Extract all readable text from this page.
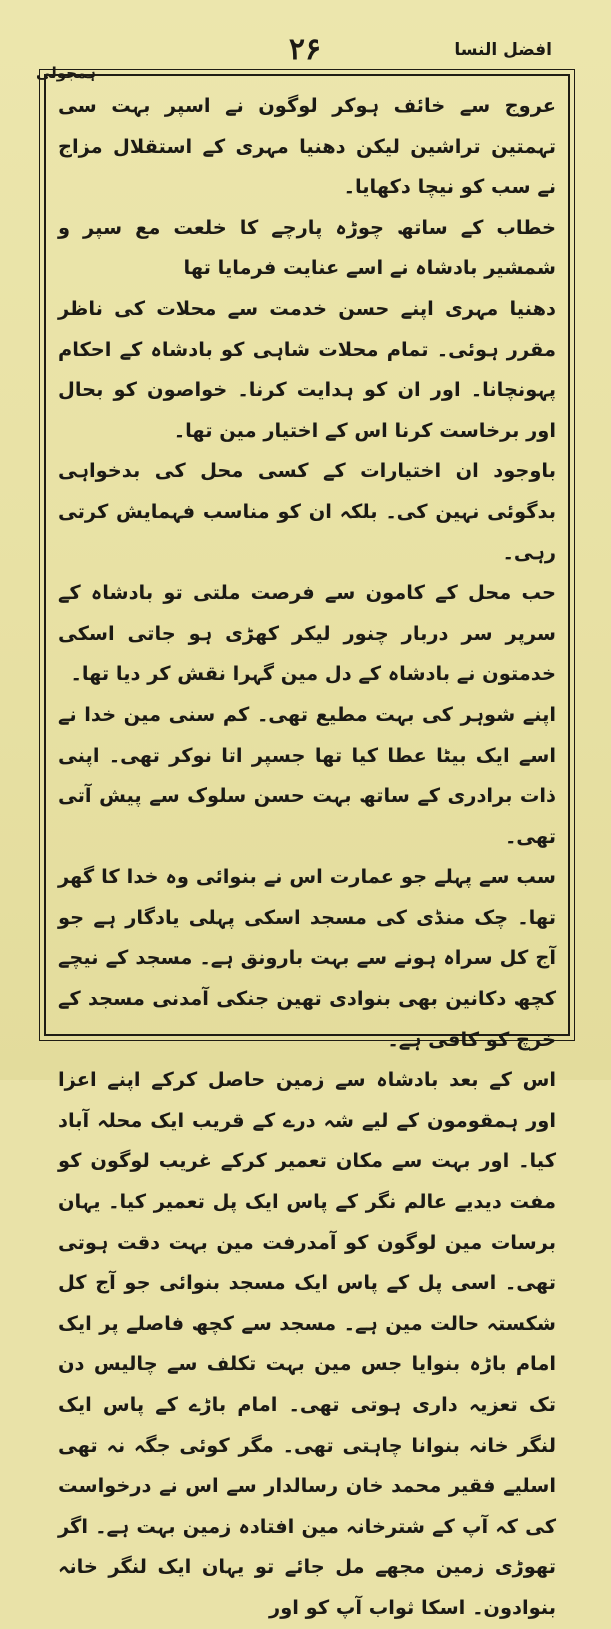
افضل النسا
۲۶
ہمجولی

عروج سے خائف ہوکر لوگون نے اسپر بہت سی تہمتین تراشین لیکن دھنیا مہری کے استقلال مزاج نے سب کو نیچا دکھایا۔

خطاب کے ساتھ چوڑہ پارچے کا خلعت مع سپر و شمشیر بادشاہ نے اسے عنایت فرمایا تھا

دھنیا مہری اپنے حسن خدمت سے محلات کی ناظر مقرر ہوئی۔ تمام محلات شاہی کو بادشاہ کے احکام پہونچانا۔ اور ان کو ہدایت کرنا۔ خواصون کو بحال اور برخاست کرنا اس کے اختیار مین تھا۔

باوجود ان اختیارات کے کسی محل کی بدخواہی بدگوئی نہین کی۔ بلکہ ان کو مناسب فہمایش کرتی رہی۔

حب محل کے کامون سے فرصت ملتی تو بادشاہ کے سرپر سر دربار چنور لیکر کھڑی ہو جاتی اسکی خدمتون نے بادشاہ کے دل مین گہرا نقش کر دیا تھا۔

اپنے شوہر کی بہت مطیع تھی۔ کم سنی مین خدا نے اسے ایک بیٹا عطا کیا تھا جسپر اتا نوکر تھی۔ اپنی ذات برادری کے ساتھ بہت حسن سلوک سے پیش آتی تھی۔

سب سے پہلے جو عمارت اس نے بنوائی وہ خدا کا گھر تھا۔ چک منڈی کی مسجد اسکی پہلی یادگار ہے جو آج کل سراہ ہونے سے بہت بارونق ہے۔ مسجد کے نیچے کچھ دکانین بھی بنوادی تھین جنکی آمدنی مسجد کے خرچ کو کافی ہے۔

اس کے بعد بادشاہ سے زمین حاصل کرکے اپنے اعزا اور ہمقومون کے لیے شہ درے کے قریب ایک محلہ آباد کیا۔ اور بہت سے مکان تعمیر کرکے غریب لوگون کو مفت دیدیے عالم نگر کے پاس ایک پل تعمیر کیا۔ یہان برسات مین لوگون کو آمدرفت مین بہت دقت ہوتی تھی۔ اسی پل کے پاس ایک مسجد بنوائی جو آج کل شکستہ حالت مین ہے۔ مسجد سے کچھ فاصلے پر ایک امام باڑہ بنوایا جس مین بہت تکلف سے چالیس دن تک تعزیہ داری ہوتی تھی۔ امام باڑے کے پاس ایک لنگر خانہ بنوانا چاہتی تھی۔ مگر کوئی جگہ نہ تھی اسلیے فقیر محمد خان رسالدار سے اس نے درخواست کی کہ آپ کے شترخانہ مین افتادہ زمین بہت ہے۔ اگر تھوڑی زمین مجھے مل جائے تو یہان ایک لنگر خانہ بنوادون۔ اسکا ثواب آپ کو اور
